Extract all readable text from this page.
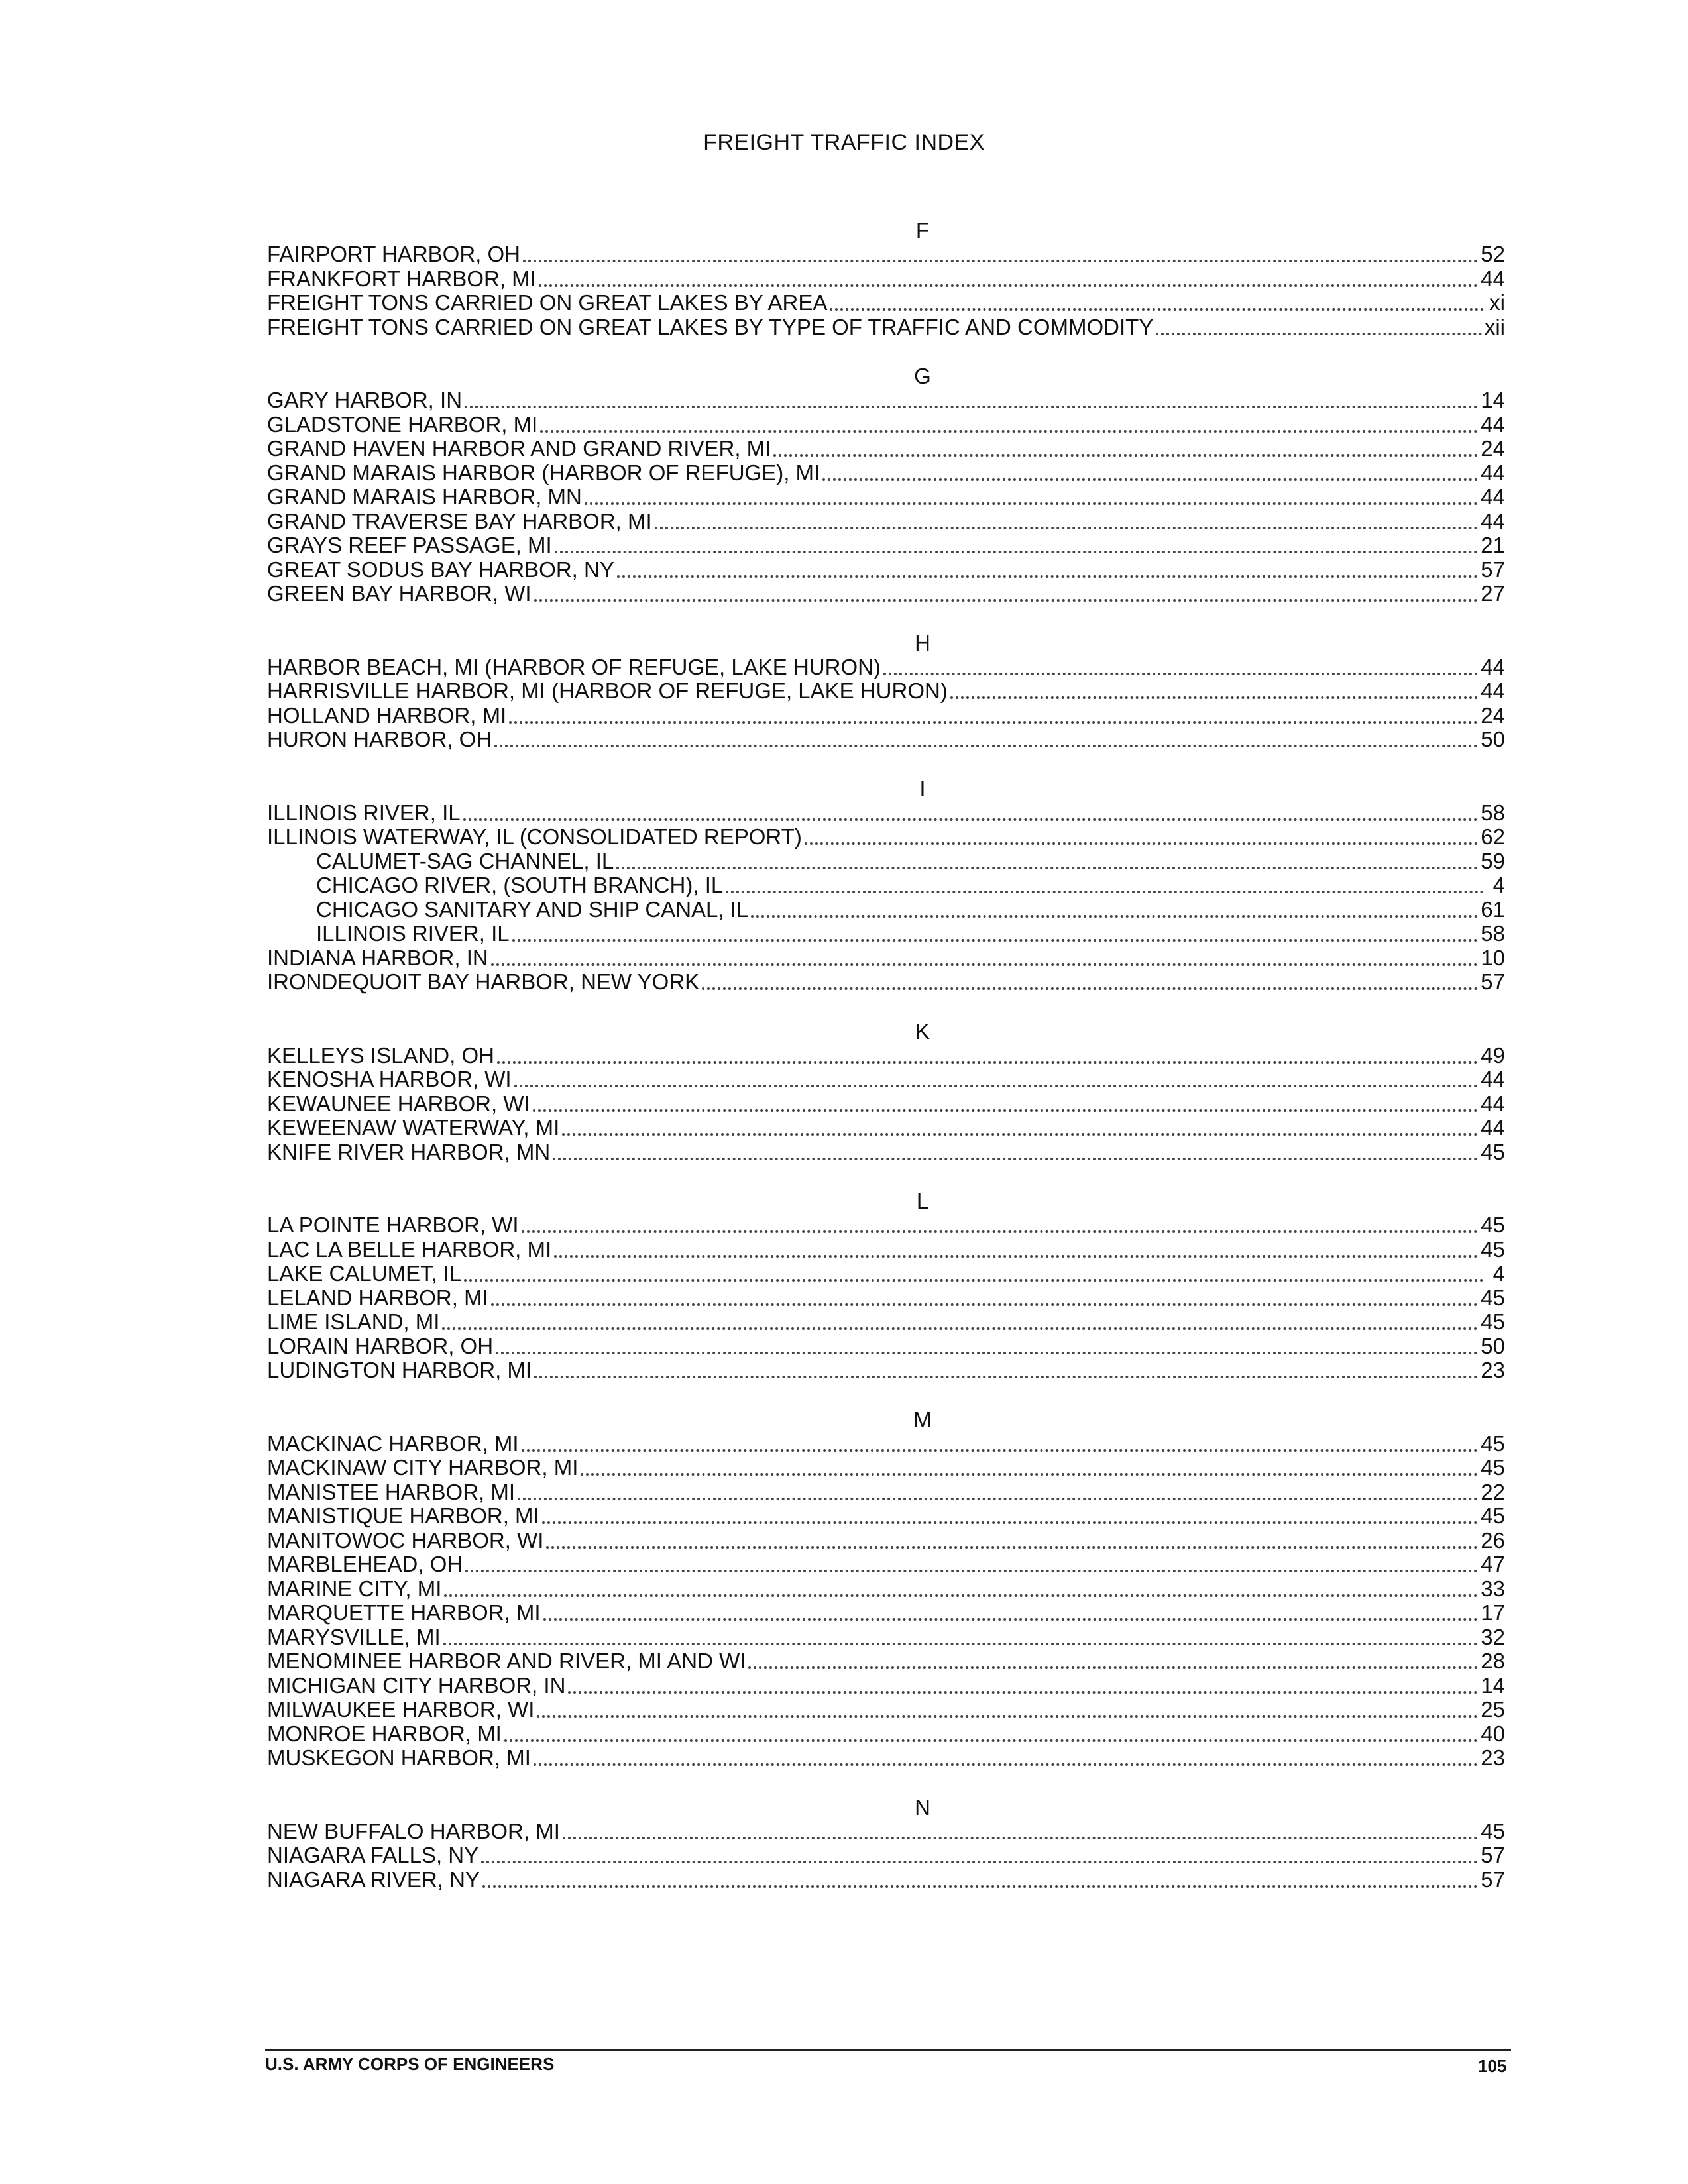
FREIGHT TRAFFIC INDEX
F
FAIRPORT HARBOR, OH	52
FRANKFORT HARBOR, MI	44
FREIGHT TONS CARRIED ON GREAT LAKES BY AREA	xi
FREIGHT TONS CARRIED ON GREAT LAKES BY TYPE OF TRAFFIC AND COMMODITY	xii
G
GARY HARBOR, IN	14
GLADSTONE HARBOR, MI	44
GRAND HAVEN HARBOR AND GRAND RIVER, MI	24
GRAND MARAIS HARBOR (HARBOR OF REFUGE), MI	44
GRAND MARAIS HARBOR, MN	44
GRAND TRAVERSE BAY HARBOR, MI	44
GRAYS REEF PASSAGE, MI	21
GREAT SODUS BAY HARBOR, NY	57
GREEN BAY HARBOR, WI	27
H
HARBOR BEACH, MI (HARBOR OF REFUGE, LAKE HURON)	44
HARRISVILLE HARBOR, MI (HARBOR OF REFUGE, LAKE HURON)	44
HOLLAND HARBOR, MI	24
HURON HARBOR, OH	50
I
ILLINOIS RIVER, IL	58
ILLINOIS WATERWAY, IL (CONSOLIDATED REPORT)	62
CALUMET-SAG CHANNEL, IL	59
CHICAGO RIVER, (SOUTH BRANCH), IL	4
CHICAGO SANITARY AND SHIP CANAL, IL	61
ILLINOIS RIVER, IL	58
INDIANA HARBOR, IN	10
IRONDEQUOIT BAY HARBOR, NEW YORK	57
K
KELLEYS ISLAND, OH	49
KENOSHA HARBOR, WI	44
KEWAUNEE HARBOR, WI	44
KEWEENAW WATERWAY, MI	44
KNIFE RIVER HARBOR, MN	45
L
LA POINTE HARBOR, WI	45
LAC LA BELLE HARBOR, MI	45
LAKE CALUMET, IL	4
LELAND HARBOR, MI	45
LIME ISLAND, MI	45
LORAIN HARBOR, OH	50
LUDINGTON HARBOR, MI	23
M
MACKINAC HARBOR, MI	45
MACKINAW CITY HARBOR, MI	45
MANISTEE HARBOR, MI	22
MANISTIQUE HARBOR, MI	45
MANITOWOC HARBOR, WI	26
MARBLEHEAD, OH	47
MARINE CITY, MI	33
MARQUETTE HARBOR, MI	17
MARYSVILLE, MI	32
MENOMINEE HARBOR AND RIVER, MI AND WI	28
MICHIGAN CITY HARBOR, IN	14
MILWAUKEE HARBOR, WI	25
MONROE HARBOR, MI	40
MUSKEGON HARBOR, MI	23
N
NEW BUFFALO HARBOR, MI	45
NIAGARA FALLS, NY	57
NIAGARA RIVER, NY	57
U.S. ARMY CORPS OF ENGINEERS	105
